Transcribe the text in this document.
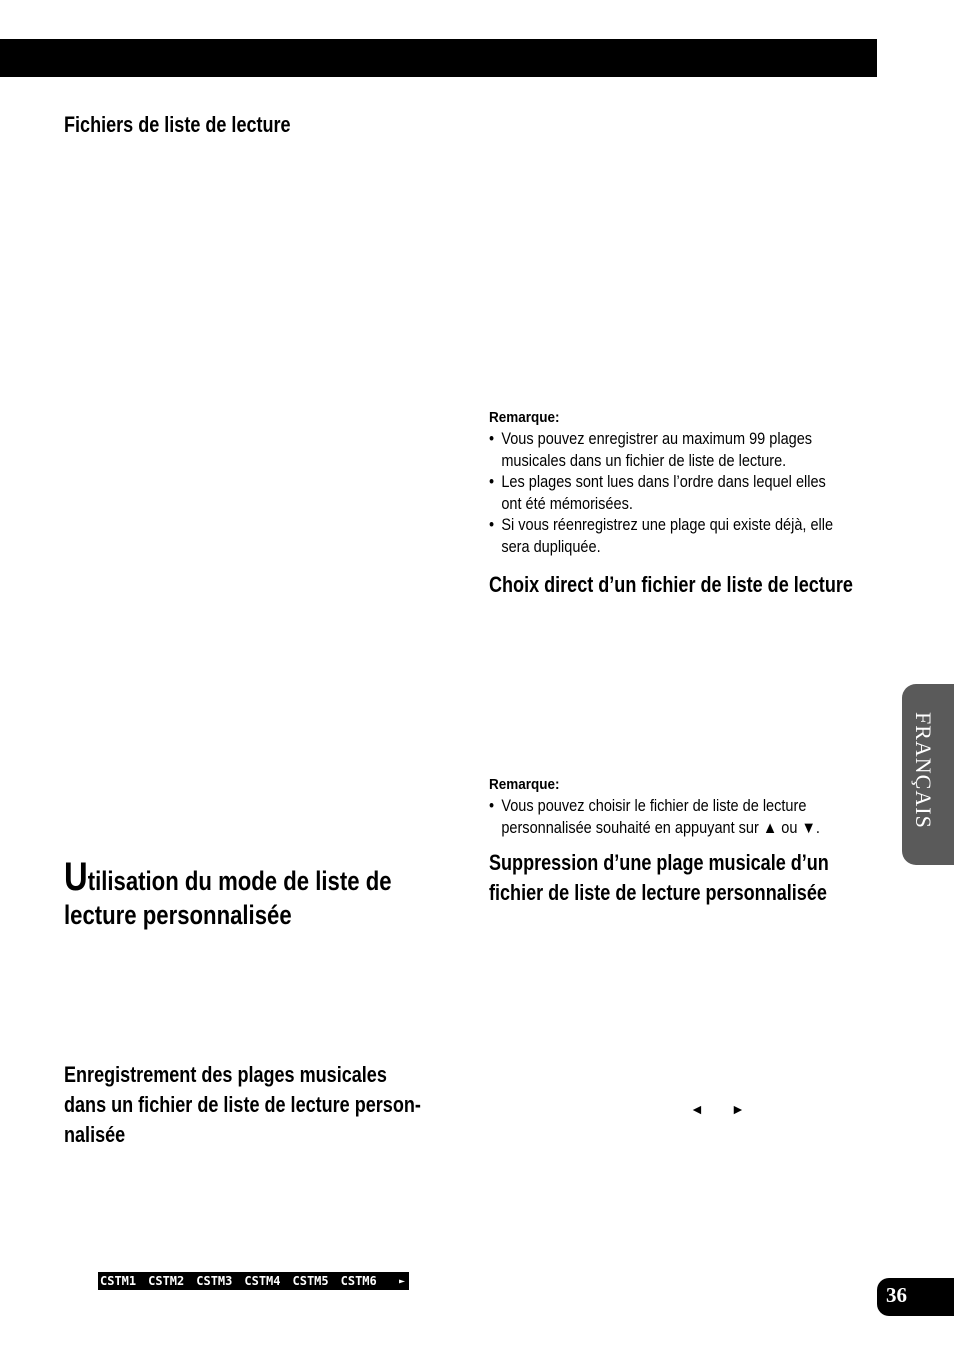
Fichiers de liste de lecture
Utilisation du mode de liste de
lecture personnalisée
Enregistrement des plages musicales
dans un fichier de liste de lecture person-
nalisée
CSTM1 CSTM2 CSTM3 CSTM4 CSTM5 CSTM6 ►
Remarque:
• Vous pouvez enregistrer au maximum 99 plages
musicales dans un fichier de liste de lecture.
• Les plages sont lues dans l’ordre dans lequel elles
ont été mémorisées.
• Si vous réenregistrez une plage qui existe déjà, elle
sera dupliquée.
Choix direct d’un fichier de liste de lecture
Remarque:
• Vous pouvez choisir le fichier de liste de lecture
personnalisée souhaité en appuyant sur ▲ ou ▼.
Suppression d’une plage musicale d’un
fichier de liste de lecture personnalisée
◄ ►
FRANÇAIS
36
